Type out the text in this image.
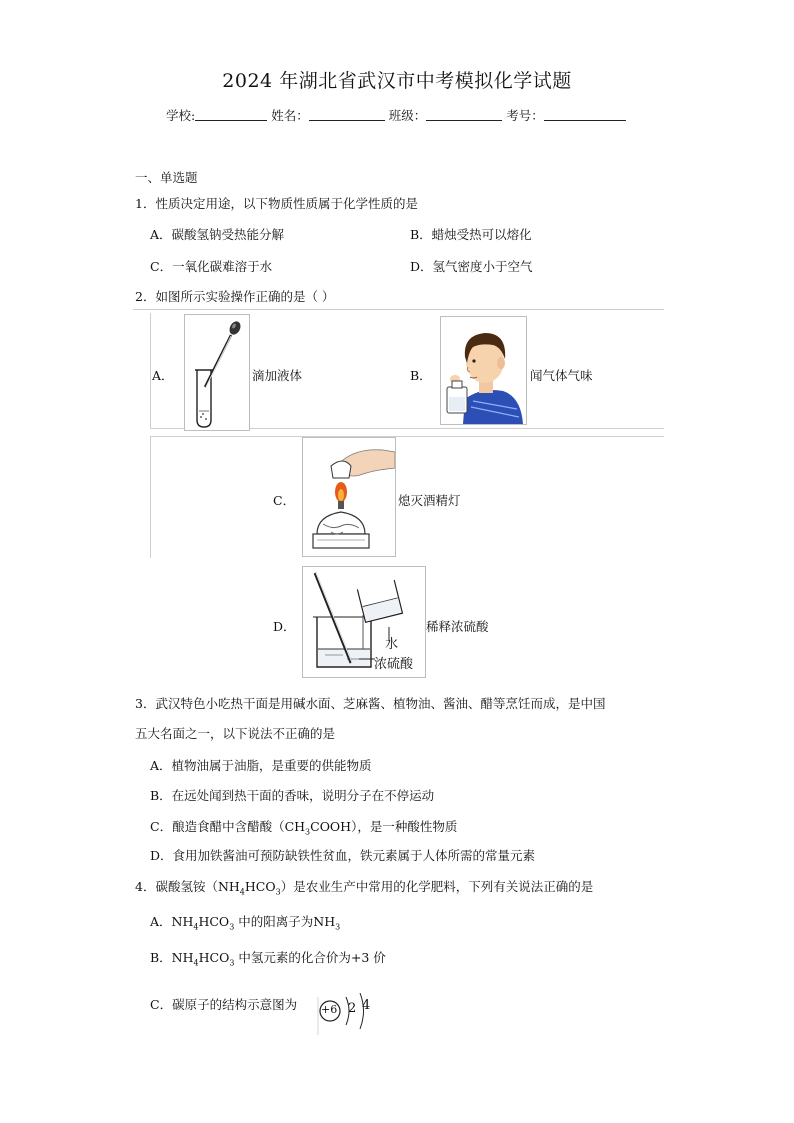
2024 年湖北省武汉市中考模拟化学试题
学校:	姓名：	班级：	考号：
一、单选题
1．性质决定用途，以下物质性质属于化学性质的是
A．碳酸氢钠受热能分解	B．蜡烛受热可以熔化
C．一氧化碳难溶于水	D．氢气密度小于空气
2．如图所示实验操作正确的是（ ）
A．	滴加液体	B．	闻气体气味
C．	熄灭酒精灯
D．
水
浓硫酸
稀释浓硫酸
3．武汉特色小吃热干面是用碱水面、芝麻酱、植物油、酱油、醋等烹饪而成，是中国
五大名面之一，以下说法不正确的是
A．植物油属于油脂，是重要的供能物质
B．在远处闻到热干面的香味，说明分子在不停运动
C．酿造食醋中含醋酸$(CH_3COOH)$，是一种酸性物质
D．食用加铁酱油可预防缺铁性贫血，铁元素属于人体所需的常量元素
4．碳酸氢铵$(NH_4HCO_3)$是农业生产中常用的化学肥料，下列有关说法正确的是
A．$NH_4HCO_3$ 中的阳离子为$NH_3$
B．$NH_4HCO_3$ 中氢元素的化合价为+3 价
C．碳原子的结构示意图为 +6 2 4
